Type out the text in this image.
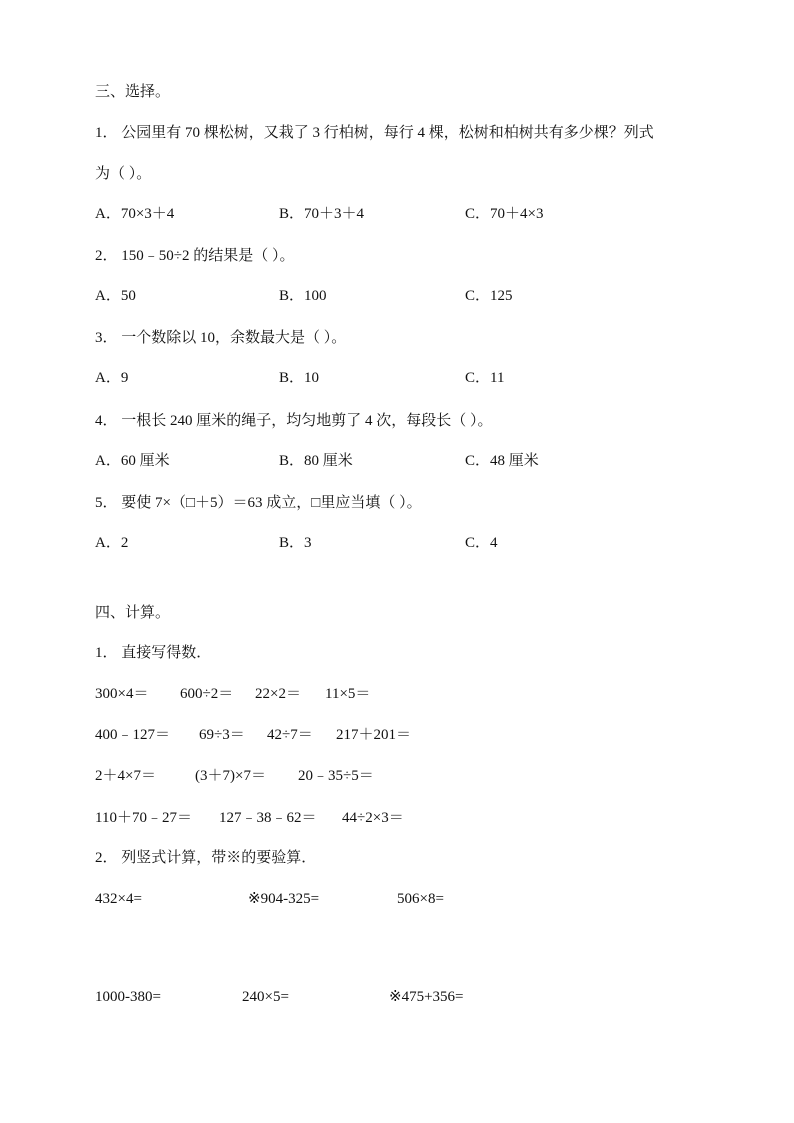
三、选择。
1． 公园里有 70 棵松树，又栽了 3 行柏树，每行 4 棵，松树和柏树共有多少棵？列式
为（ ）。
A．70×3＋4	B．70＋3＋4	C．70＋4×3
2． 150﹣50÷2 的结果是（ ）。
A．50	B．100	C．125
3． 一个数除以 10，余数最大是（ ）。
A．9	B．10	C．11
4． 一根长 240 厘米的绳子，均匀地剪了 4 次，每段长（ ）。
A．60 厘米	B．80 厘米	C．48 厘米
5． 要使 7×（□＋5）＝63 成立，□里应当填（ ）。
A．2	B．3	C．4
四、计算。
1． 直接写得数．
300×4＝ 600÷2＝ 22×2＝ 11×5＝
400﹣127＝ 69÷3＝ 42÷7＝ 217＋201＝
2＋4×7＝	(3＋7)×7＝ 20﹣35÷5＝
110＋70﹣27＝ 127﹣38﹣62＝ 44÷2×3＝
2． 列竖式计算，带※的要验算．
432×4=	※904-325=	506×8=
1000-380=	240×5=	※475+356=
